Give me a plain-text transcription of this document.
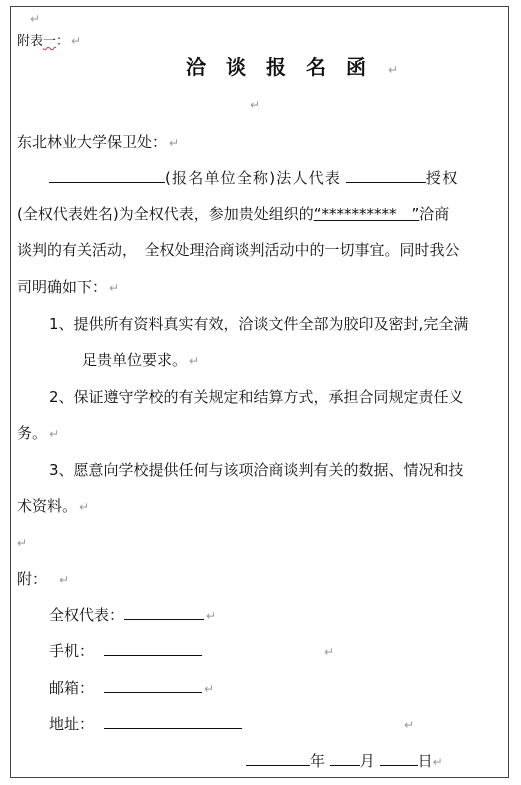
↵
附表一： ↵
洽谈报名函 ↵
↵
东北林业大学保卫处： ↵
(报名单位全称)法人代表	授权
(全权代表姓名)为全权代表，参加贵处组织的“**********　”洽商
谈判的有关活动，　全权处理洽商谈判活动中的一切事宜。同时我公
司明确如下： ↵
1、提供所有资料真实有效，洽谈文件全部为胶印及密封,完全满
足贵单位要求。 ↵
2、保证遵守学校的有关规定和结算方式，承担合同规定责任义
务。 ↵
3、愿意向学校提供任何与该项洽商谈判有关的数据、情况和技
术资料。 ↵
↵
附： ↵
全权代表：	↵
手机：	↵
邮箱：	↵
地址：	↵
年 月	日↵
